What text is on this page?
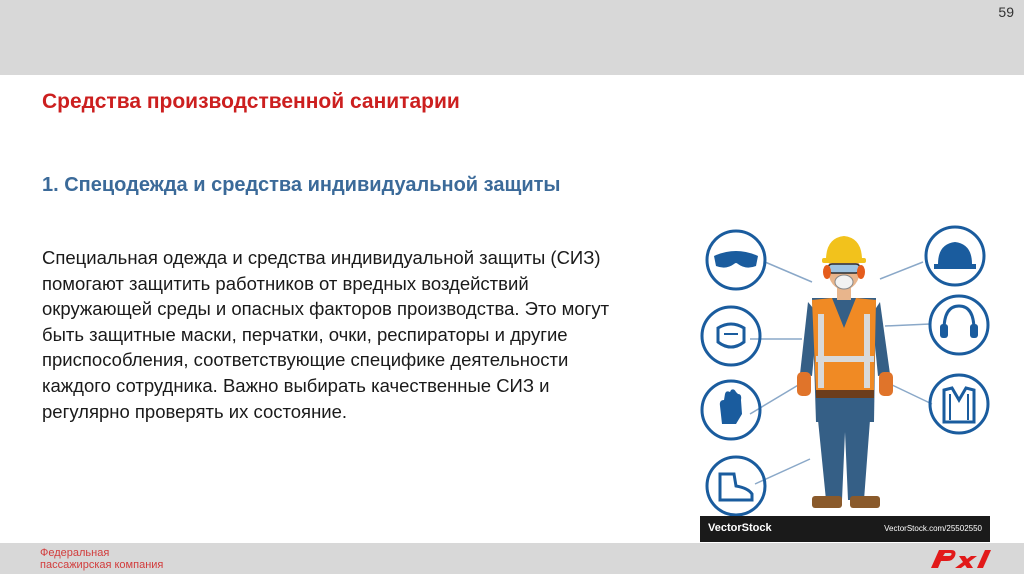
59
Средства производственной санитарии
1. Спецодежда и средства индивидуальной защиты

Специальная одежда и средства индивидуальной защиты (СИЗ) помогают защитить работников от вредных воздействий окружающей среды и опасных факторов производства. Это могут быть защитные маски, перчатки, очки, респираторы и другие приспособления, соответствующие специфике деятельности каждого сотрудника. Важно выбирать качественные СИЗ и регулярно проверять их состояние.

VectorStock	VectorStock.com/25502550
Федеральная
пассажирская компания
